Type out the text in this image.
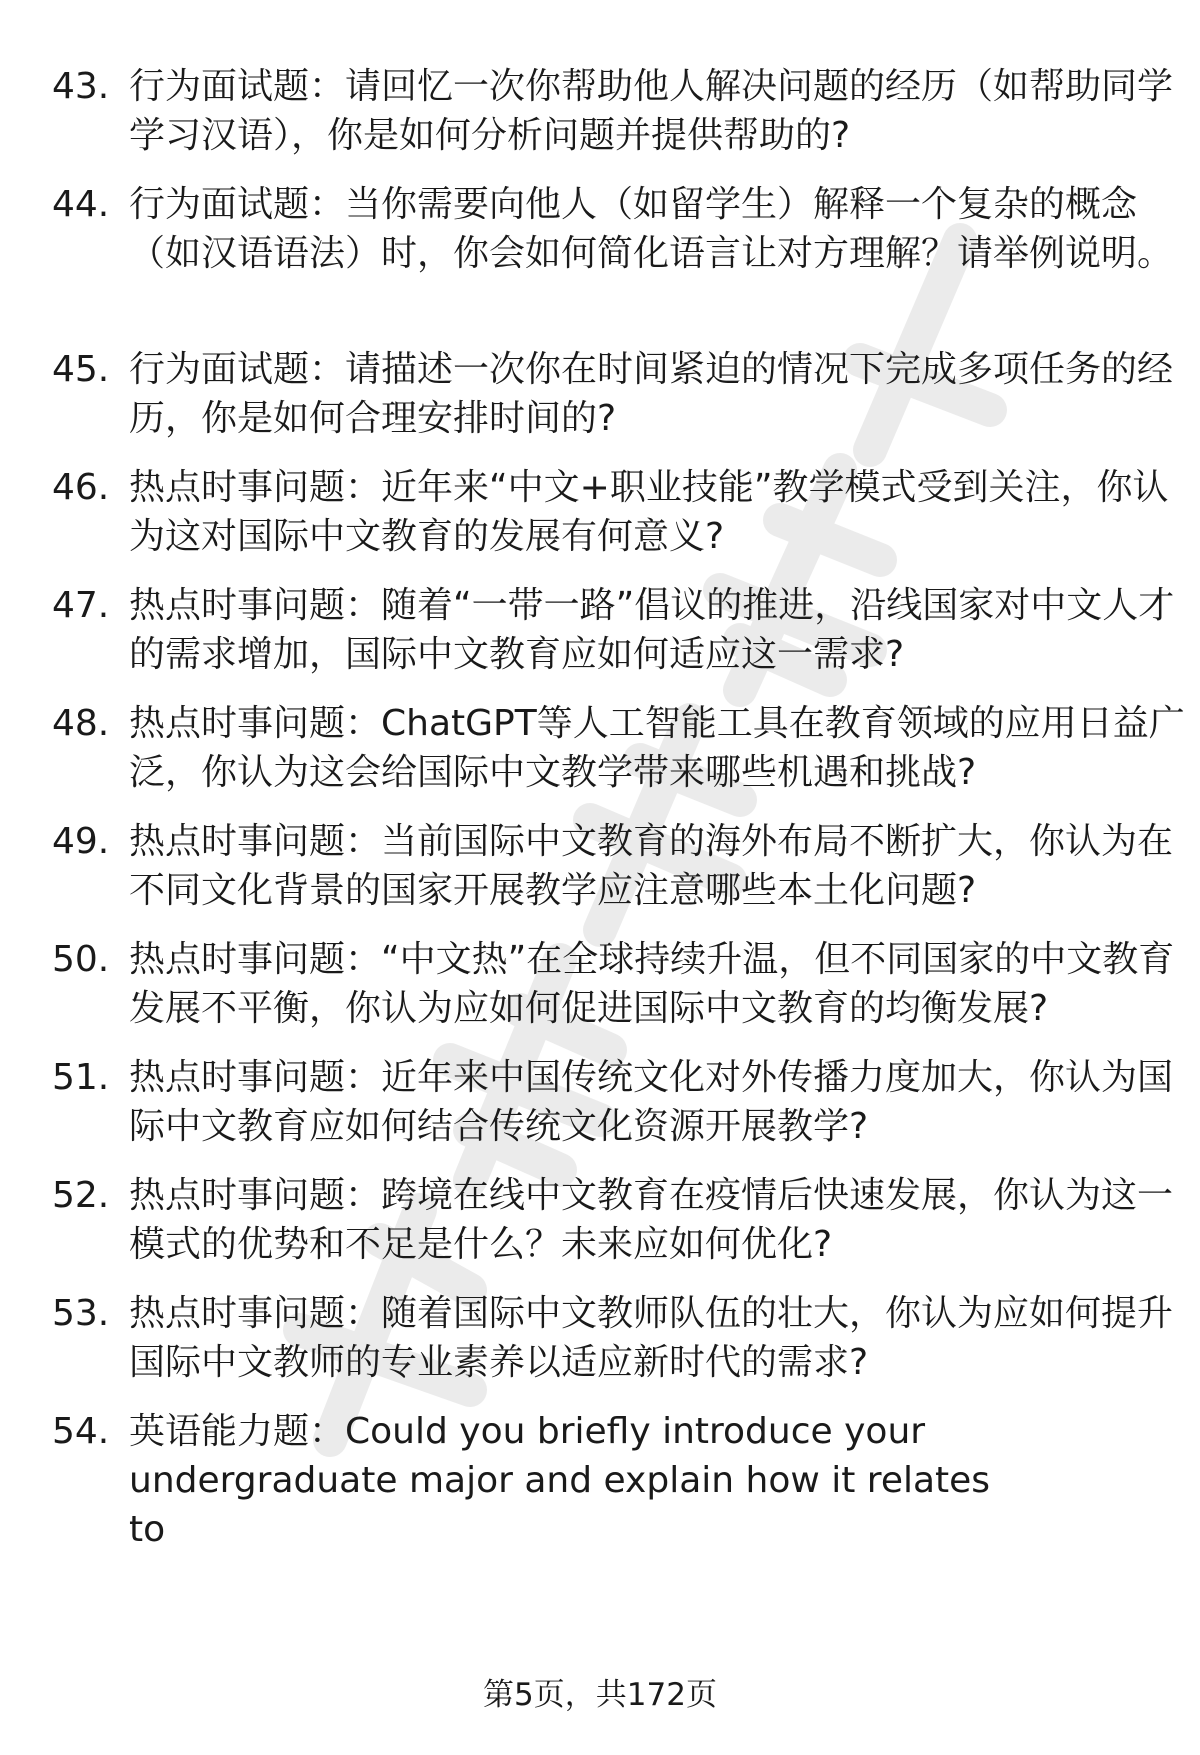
43. 行为面试题：请回忆一次你帮助他人解决问题的经历（如帮助同学学习汉语），你是如何分析问题并提供帮助的?
44. 行为面试题：当你需要向他人（如留学生）解释一个复杂的概念（如汉语语法）时，你会如何简化语言让对方理解？请举例说明。
45. 行为面试题：请描述一次你在时间紧迫的情况下完成多项任务的经历，你是如何合理安排时间的?
46. 热点时事问题：近年来“中文+职业技能”教学模式受到关注，你认为这对国际中文教育的发展有何意义?
47. 热点时事问题：随着“一带一路”倡议的推进，沿线国家对中文人才的需求增加，国际中文教育应如何适应这一需求?
48. 热点时事问题：ChatGPT等人工智能工具在教育领域的应用日益广泛，你认为这会给国际中文教学带来哪些机遇和挑战?
49. 热点时事问题：当前国际中文教育的海外布局不断扩大，你认为在不同文化背景的国家开展教学应注意哪些本土化问题?
50. 热点时事问题：“中文热”在全球持续升温，但不同国家的中文教育发展不平衡，你认为应如何促进国际中文教育的均衡发展?
51. 热点时事问题：近年来中国传统文化对外传播力度加大，你认为国际中文教育应如何结合传统文化资源开展教学?
52. 热点时事问题：跨境在线中文教育在疫情后快速发展，你认为这一模式的优势和不足是什么？未来应如何优化?
53. 热点时事问题：随着国际中文教师队伍的壮大，你认为应如何提升国际中文教师的专业素养以适应新时代的需求?
54. 英语能力题：Could you briefly introduce your undergraduate major and explain how it relates to
第5页，共172页
